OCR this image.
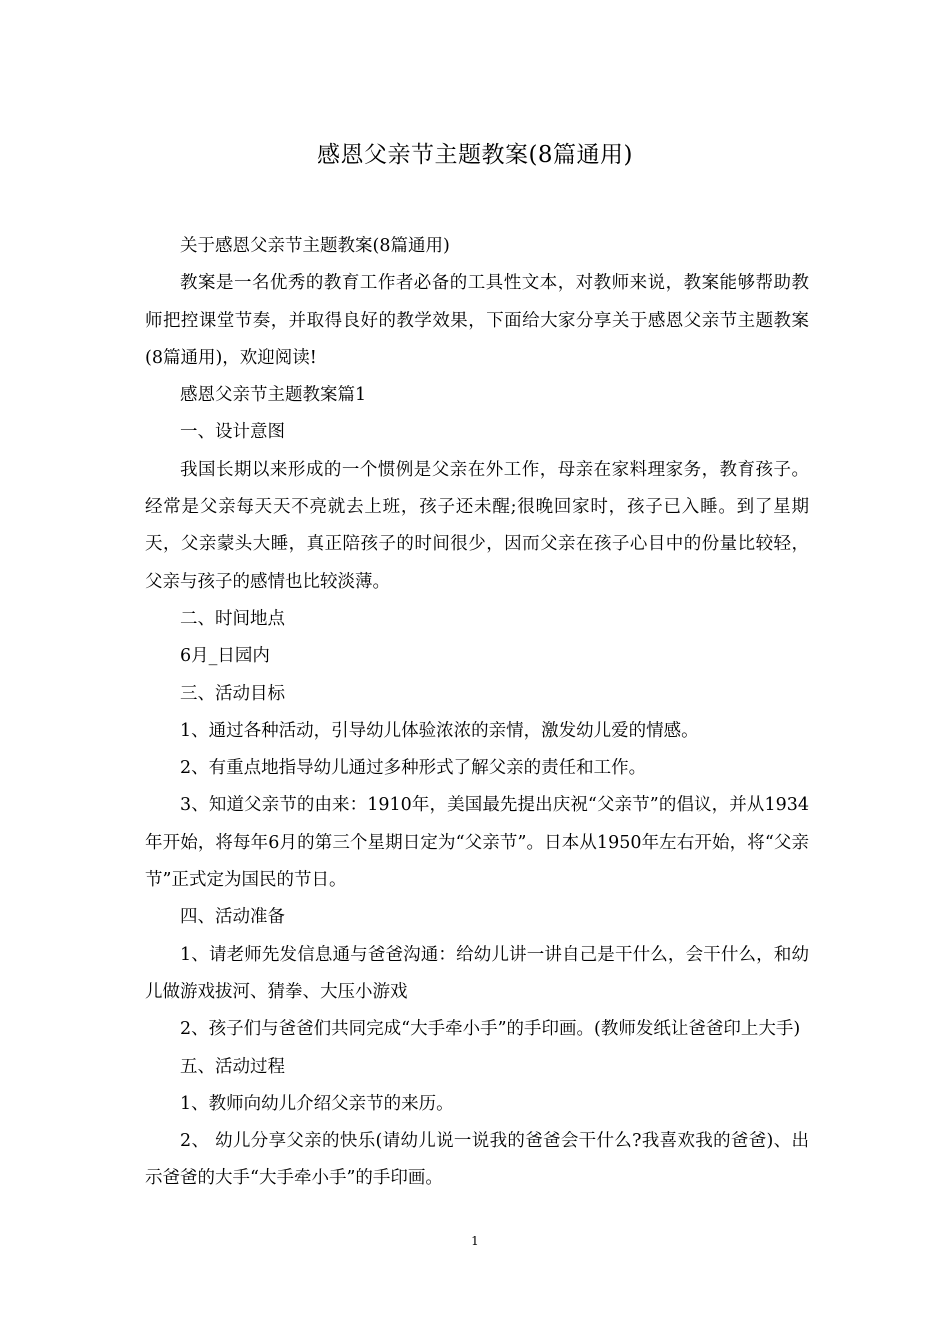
感恩父亲节主题教案(8篇通用)

关于感恩父亲节主题教案(8篇通用)

教案是一名优秀的教育工作者必备的工具性文本，对教师来说，教案能够帮助教师把控课堂节奏，并取得良好的教学效果，下面给大家分享关于感恩父亲节主题教案(8篇通用)，欢迎阅读!

感恩父亲节主题教案篇1

一、设计意图

我国长期以来形成的一个惯例是父亲在外工作，母亲在家料理家务，教育孩子。经常是父亲每天天不亮就去上班，孩子还未醒;很晚回家时，孩子已入睡。到了星期天，父亲蒙头大睡，真正陪孩子的时间很少，因而父亲在孩子心目中的份量比较轻，父亲与孩子的感情也比较淡薄。

二、时间地点

6月_日园内

三、活动目标

1、通过各种活动，引导幼儿体验浓浓的亲情，激发幼儿爱的情感。

2、有重点地指导幼儿通过多种形式了解父亲的责任和工作。

3、知道父亲节的由来：1910年，美国最先提出庆祝“父亲节”的倡议，并从1934年开始，将每年6月的第三个星期日定为“父亲节”。日本从1950年左右开始，将“父亲节”正式定为国民的节日。

四、活动准备

1、请老师先发信息通与爸爸沟通：给幼儿讲一讲自己是干什么，会干什么，和幼儿做游戏拔河、猜拳、大压小游戏

2、孩子们与爸爸们共同完成“大手牵小手”的手印画。(教师发纸让爸爸印上大手)

五、活动过程

1、教师向幼儿介绍父亲节的来历。

2、 幼儿分享父亲的快乐(请幼儿说一说我的爸爸会干什么?我喜欢我的爸爸)、出示爸爸的大手“大手牵小手”的手印画。

1
